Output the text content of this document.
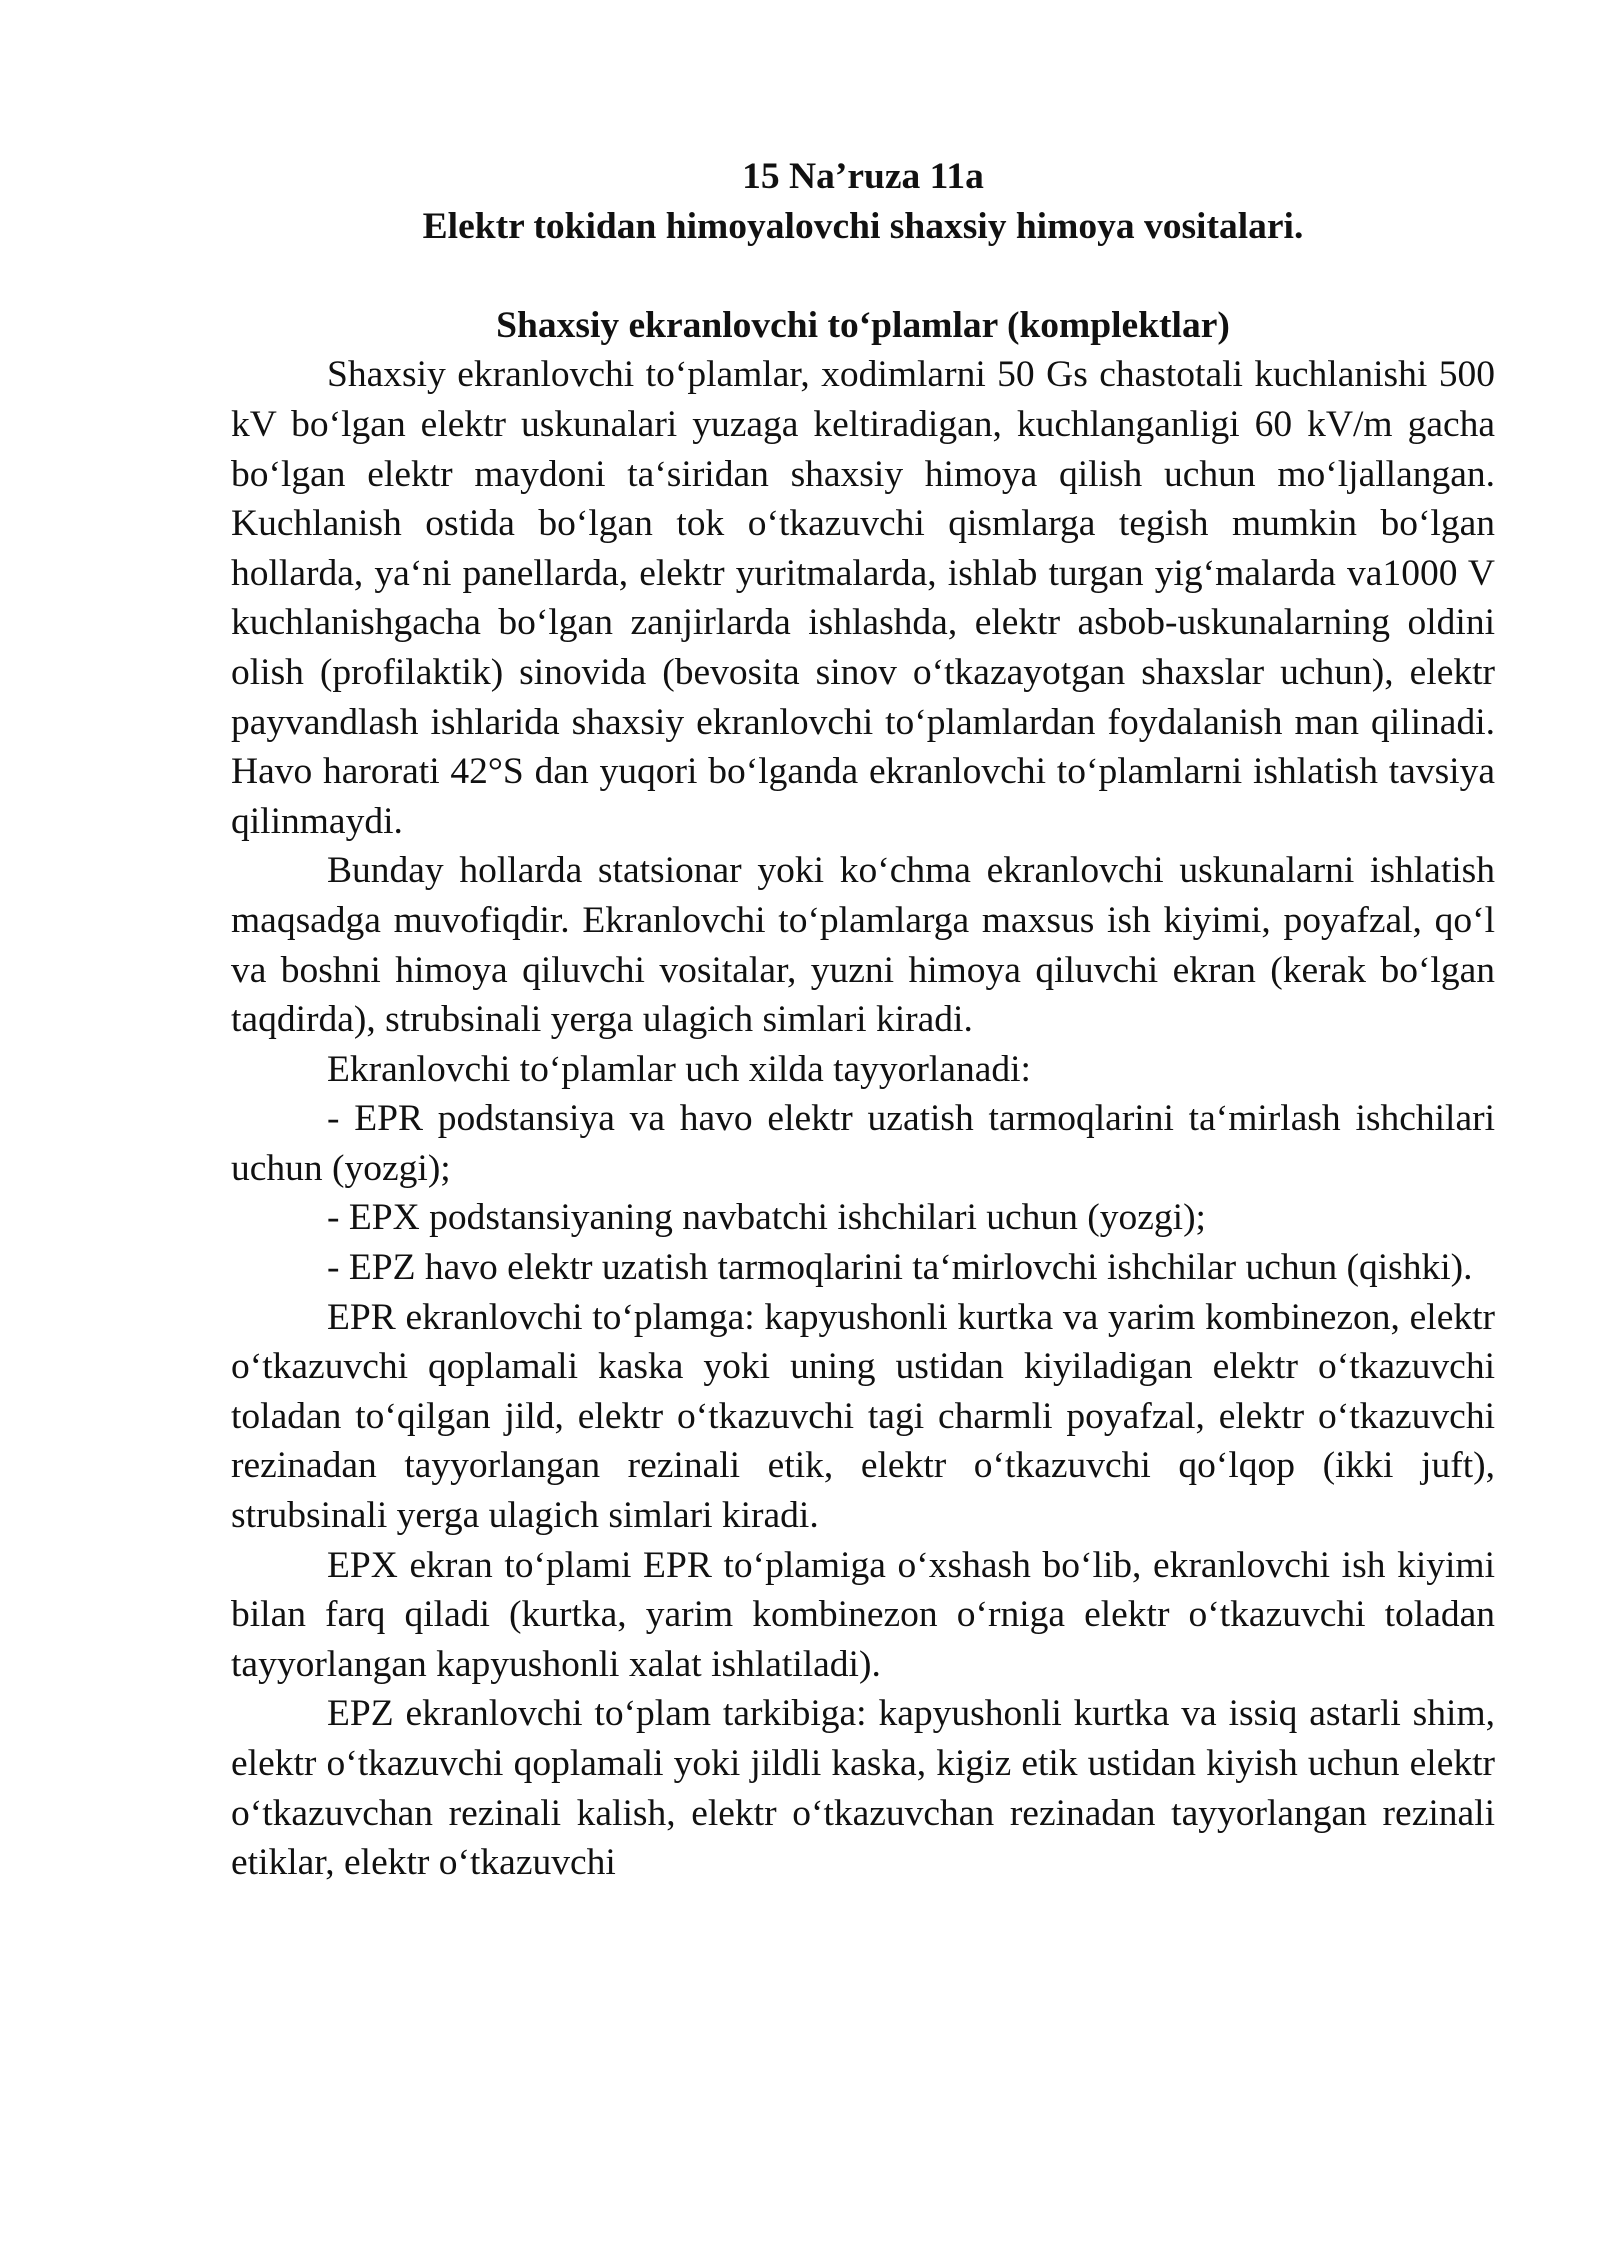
15 Na’ruza 11a

Elektr tokidan himoyalovchi shaxsiy himoya vositalari.

Shaxsiy ekranlovchi to‘plamlar (komplektlar)

Shaxsiy ekranlovchi to‘plamlar, xodimlarni 50 Gs chastotali kuchlanishi 500 kV bo‘lgan elektr uskunalari yuzaga keltiradigan, kuchlanganligi 60 kV/m gacha bo‘lgan elektr maydoni ta‘siridan shaxsiy himoya qilish uchun mo‘ljallangan. Kuchlanish ostida bo‘lgan tok o‘tkazuvchi qismlarga tegish mumkin bo‘lgan hollarda, ya‘ni panellarda, elektr yuritmalarda, ishlab turgan yig‘malarda va1000 V kuchlanishgacha bo‘lgan zanjirlarda ishlashda, elektr asbob-uskunalarning oldini olish (profilaktik) sinovida (bevosita sinov o‘tkazayotgan shaxslar uchun), elektr payvandlash ishlarida shaxsiy ekranlovchi to‘plamlardan foydalanish man qilinadi. Havo harorati 42°S dan yuqori bo‘lganda ekranlovchi to‘plamlarni ishlatish tavsiya qilinmaydi.

Bunday hollarda statsionar yoki ko‘chma ekranlovchi uskunalarni ishlatish maqsadga muvofiqdir. Ekranlovchi to‘plamlarga maxsus ish kiyimi, poyafzal, qo‘l va boshni himoya qiluvchi vositalar, yuzni himoya qiluvchi ekran (kerak bo‘lgan taqdirda), strubsinali yerga ulagich simlari kiradi.

Ekranlovchi to‘plamlar uch xilda tayyorlanadi:

- EPR podstansiya va havo elektr uzatish tarmoqlarini ta‘mirlash ishchilari uchun (yozgi);

- EPX podstansiyaning navbatchi ishchilari uchun (yozgi);

- EPZ havo elektr uzatish tarmoqlarini ta‘mirlovchi ishchilar uchun (qishki).

EPR ekranlovchi to‘plamga: kapyushonli kurtka va yarim kombinezon, elektr o‘tkazuvchi qoplamali kaska yoki uning ustidan kiyiladigan elektr o‘tkazuvchi toladan to‘qilgan jild, elektr o‘tkazuvchi tagi charmli poyafzal, elektr o‘tkazuvchi rezinadan tayyorlangan rezinali etik, elektr o‘tkazuvchi qo‘lqop (ikki juft), strubsinali yerga ulagich simlari kiradi.

EPX ekran to‘plami EPR to‘plamiga o‘xshash bo‘lib, ekranlovchi ish kiyimi bilan farq qiladi (kurtka, yarim kombinezon o‘rniga elektr o‘tkazuvchi toladan tayyorlangan kapyushonli xalat ishlatiladi).

EPZ ekranlovchi to‘plam tarkibiga: kapyushonli kurtka va issiq astarli shim, elektr o‘tkazuvchi qoplamali yoki jildli kaska, kigiz etik ustidan kiyish uchun elektr o‘tkazuvchan rezinali kalish, elektr o‘tkazuvchan rezinadan tayyorlangan rezinali etiklar, elektr o‘tkazuvchi
